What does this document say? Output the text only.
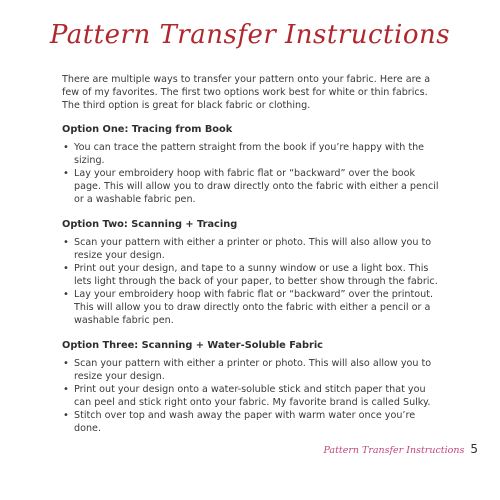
Pattern Transfer Instructions

There are multiple ways to transfer your pattern onto your fabric. Here are a few of my favorites. The first two options work best for white or thin fabrics. The third option is great for black fabric or clothing.

Option One: Tracing from Book
• You can trace the pattern straight from the book if you’re happy with the sizing.
• Lay your embroidery hoop with fabric flat or “backward” over the book page. This will allow you to draw directly onto the fabric with either a pencil or a washable fabric pen.
Option Two: Scanning + Tracing
• Scan your pattern with either a printer or photo. This will also allow you to resize your design.
• Print out your design, and tape to a sunny window or use a light box. This lets light through the back of your paper, to better show through the fabric.
• Lay your embroidery hoop with fabric flat or “backward” over the printout. This will allow you to draw directly onto the fabric with either a pencil or a washable fabric pen.
Option Three: Scanning + Water-Soluble Fabric
• Scan your pattern with either a printer or photo. This will also allow you to resize your design.
• Print out your design onto a water-soluble stick and stitch paper that you can peel and stick right onto your fabric. My favorite brand is called Sulky.
• Stitch over top and wash away the paper with warm water once you’re done.
Pattern Transfer Instructions 5
